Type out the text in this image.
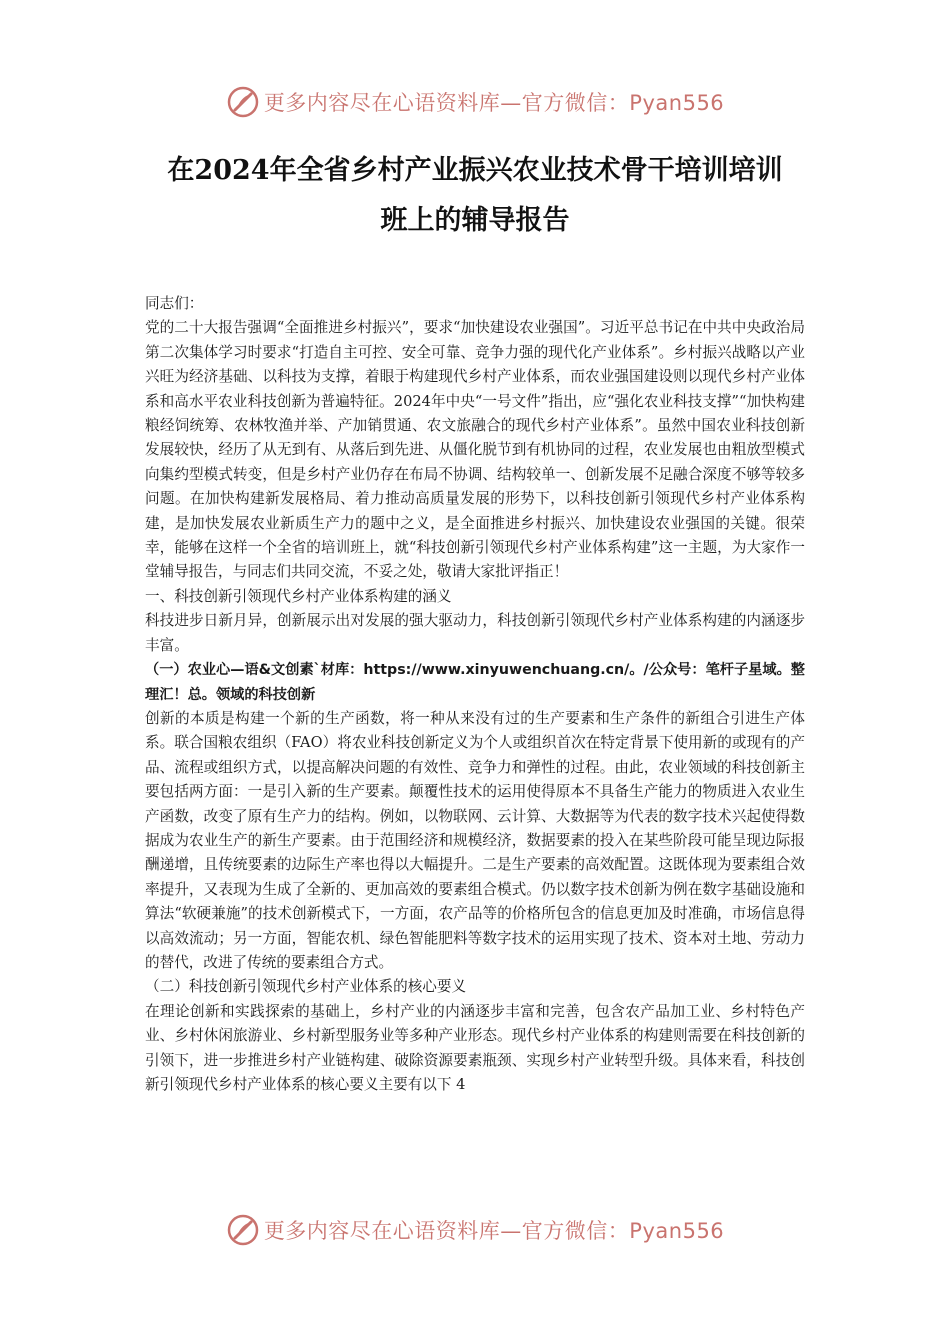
更多内容尽在心语资料库—官方微信：Pyan556
在2024年全省乡村产业振兴农业技术骨干培训培训
班上的辅导报告

同志们：

党的二十大报告强调“全面推进乡村振兴”，要求“加快建设农业强国”。习近平总书记在中共中央政治局第二次集体学习时要求“打造自主可控、安全可靠、竞争力强的现代化产业体系”。乡村振兴战略以产业兴旺为经济基础、以科技为支撑，着眼于构建现代乡村产业体系，而农业强国建设则以现代乡村产业体系和高水平农业科技创新为普遍特征。2024年中央“一号文件”指出，应“强化农业科技支撑”“加快构建粮经饲统筹、农林牧渔并举、产加销贯通、农文旅融合的现代乡村产业体系”。虽然中国农业科技创新发展较快，经历了从无到有、从落后到先进、从僵化脱节到有机协同的过程，农业发展也由粗放型模式向集约型模式转变，但是乡村产业仍存在布局不协调、结构较单一、创新发展不足融合深度不够等较多问题。在加快构建新发展格局、着力推动高质量发展的形势下，以科技创新引领现代乡村产业体系构建，是加快发展农业新质生产力的题中之义，是全面推进乡村振兴、加快建设农业强国的关键。很荣幸，能够在这样一个全省的培训班上，就“科技创新引领现代乡村产业体系构建”这一主题，为大家作一堂辅导报告，与同志们共同交流，不妥之处，敬请大家批评指正！

一、科技创新引领现代乡村产业体系构建的涵义

科技进步日新月异，创新展示出对发展的强大驱动力，科技创新引领现代乡村产业体系构建的内涵逐步丰富。

（一）农业心—语&文创素`材库：https://www.xinyuwenchuang.cn/。/公众号：笔杆子星域。整理汇！总。领域的科技创新

创新的本质是构建一个新的生产函数，将一种从来没有过的生产要素和生产条件的新组合引进生产体系。联合国粮农组织（FAO）将农业科技创新定义为个人或组织首次在特定背景下使用新的或现有的产品、流程或组织方式，以提高解决问题的有效性、竞争力和弹性的过程。由此，农业领域的科技创新主要包括两方面：一是引入新的生产要素。颠覆性技术的运用使得原本不具备生产能力的物质进入农业生产函数，改变了原有生产力的结构。例如，以物联网、云计算、大数据等为代表的数字技术兴起使得数据成为农业生产的新生产要素。由于范围经济和规模经济，数据要素的投入在某些阶段可能呈现边际报酬递增，且传统要素的边际生产率也得以大幅提升。二是生产要素的高效配置。这既体现为要素组合效率提升，又表现为生成了全新的、更加高效的要素组合模式。仍以数字技术创新为例在数字基础设施和算法“软硬兼施”的技术创新模式下，一方面，农产品等的价格所包含的信息更加及时准确，市场信息得以高效流动；另一方面，智能农机、绿色智能肥料等数字技术的运用实现了技术、资本对土地、劳动力的替代，改进了传统的要素组合方式。

（二）科技创新引领现代乡村产业体系的核心要义

在理论创新和实践探索的基础上，乡村产业的内涵逐步丰富和完善，包含农产品加工业、乡村特色产业、乡村休闲旅游业、乡村新型服务业等多种产业形态。现代乡村产业体系的构建则需要在科技创新的引领下，进一步推进乡村产业链构建、破除资源要素瓶颈、实现乡村产业转型升级。具体来看，科技创新引领现代乡村产业体系的核心要义主要有以下 4

更多内容尽在心语资料库—官方微信：Pyan556
